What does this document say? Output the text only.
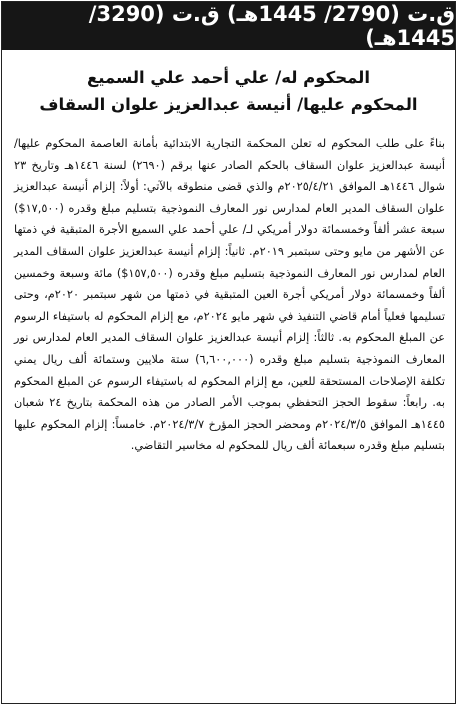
ق.ت (2790/ 1445هـ) ق.ت (3290/ 1445هـ)
المحكوم له/ علي أحمد علي السميع
المحكوم عليها/ أنيسة عبدالعزيز علوان السقاف

بناءً على طلب المحكوم له تعلن المحكمة التجارية الابتدائية بأمانة العاصمة المحكوم عليها/ أنيسة عبدالعزيز علوان السقاف بالحكم الصادر عنها برقم (٢٦٩٠) لسنة ١٤٤٦هـ وتاريخ ٢٣ شوال ١٤٤٦هـ الموافق ٢٠٢٥/٤/٢١م والذي قضى منطوقه بالآتي: أولاً: إلزام أنيسة عبدالعزيز علوان السقاف المدير العام لمدارس نور المعارف النموذجية بتسليم مبلغ وقدره (١٧,٥٠٠$) سبعة عشر ألفاً وخمسمائة دولار أمريكي لـ/ علي أحمد علي السميع الأجرة المتبقية في ذمتها عن الأشهر من مايو وحتى سبتمبر ٢٠١٩م. ثانياً: إلزام أنيسة عبدالعزيز علوان السقاف المدير العام لمدارس نور المعارف النموذجية بتسليم مبلغ وقدره (١٥٧,٥٠٠$) مائة وسبعة وخمسين ألفاً وخمسمائة دولار أمريكي أجرة العين المتبقية في ذمتها من شهر سبتمبر ٢٠٢٠م، وحتى تسليمها فعلياً أمام قاضي التنفيذ في شهر مايو ٢٠٢٤م، مع إلزام المحكوم له باستيفاء الرسوم عن المبلغ المحكوم به. ثالثاً: إلزام أنيسة عبدالعزيز علوان السقاف المدير العام لمدارس نور المعارف النموذجية بتسليم مبلغ وقدره (٦,٦٠٠,٠٠٠) ستة ملايين وستمائة ألف ريال يمني تكلفة الإصلاحات المستحقة للعين، مع إلزام المحكوم له باستيفاء الرسوم عن المبلغ المحكوم به. رابعاً: سقوط الحجز التحفظي بموجب الأمر الصادر من هذه المحكمة بتاريخ ٢٤ شعبان ١٤٤٥هـ الموافق ٢٠٢٤/٣/٥م ومحضر الحجز المؤرخ ٢٠٢٤/٣/٧م. خامساً: إلزام المحكوم عليها بتسليم مبلغ وقدره سبعمائة ألف ريال للمحكوم له مخاسير التقاضي.
